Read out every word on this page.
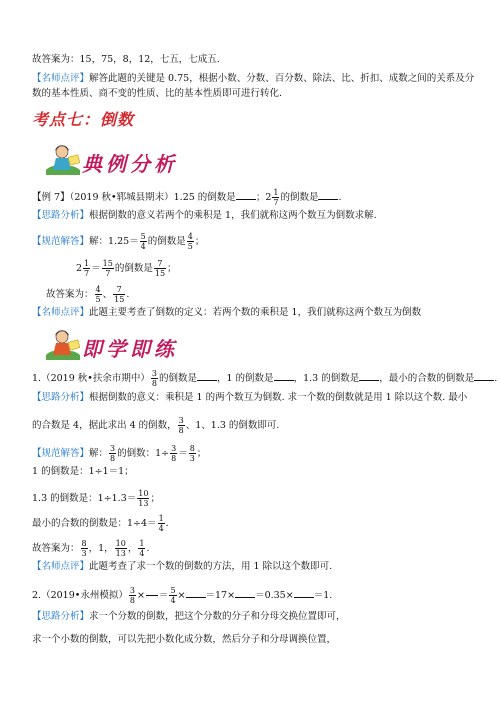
故答案为：15，75，8，12，七五，七成五.
【名师点评】解答此题的关键是 0.75，根据小数、分数、百分数、除法、比、折扣、成数之间的关系及分
数的基本性质、商不变的性质、比的基本性质即可进行转化.
考点七：倒数
典例分析
【例 7】（2019 秋•郓城县期末）1.25 的倒数是 ；$2 \frac{1}{7}$ 的倒数是 .
【思路分析】根据倒数的意义若两个的乘积是 1，我们就称这两个数互为倒数求解.
【规范解答】解：$1.25= \frac{5}{4}$ 的倒数是 $\frac{4}{5}$ ；
$2 \frac{1}{7} = \frac{15}{7}$ 的倒数是 $\frac{7}{15}$ ；
故答案为： $\frac{4}{5}$ 、 $\frac{7}{15}$ .
【名师点评】此题主要考查了倒数的定义：若两个数的乘积是 1，我们就称这两个数互为倒数
即学即练
1.（2019 秋•扶余市期中） $\frac{3}{8}$ 的倒数是 ，1 的倒数是 ，1.3 的倒数是 ，最小的合数的倒数是 .
【思路分析】根据倒数的意义：乘积是 1 的两个数互为倒数. 求一个数的倒数就是用 1 除以这个数. 最小
的合数是 4，据此求出 4 的倒数， $\frac{3}{8}$ 、1、1.3 的倒数即可.
【规范解答】解： $\frac{3}{8}$ 的倒数：$1\div \frac{3}{8} = \frac{8}{3}$ ；
1 的倒数是：1÷1＝1；
1.3 的倒数是：$1\div 1.3= \frac{10}{13}$ ；
最小的合数的倒数是：$1\div 4= \frac{1}{4}$ .
故答案为： $\frac{8}{3}$ ，1， $\frac{10}{13}$ ， $\frac{1}{4}$ .
【名师点评】此题考查了求一个数的倒数的方法，用 1 除以这个数即可.
2.（2019•永州模拟） $\frac{3}{8}$ ×

＝ $\frac{5}{4} \times =17\times =0.35\times =1$.
【思路分析】求一个分数的倒数，把这个分数的分子和分母交换位置即可，
求一个小数的倒数，可以先把小数化成分数，然后分子和分母调换位置，
